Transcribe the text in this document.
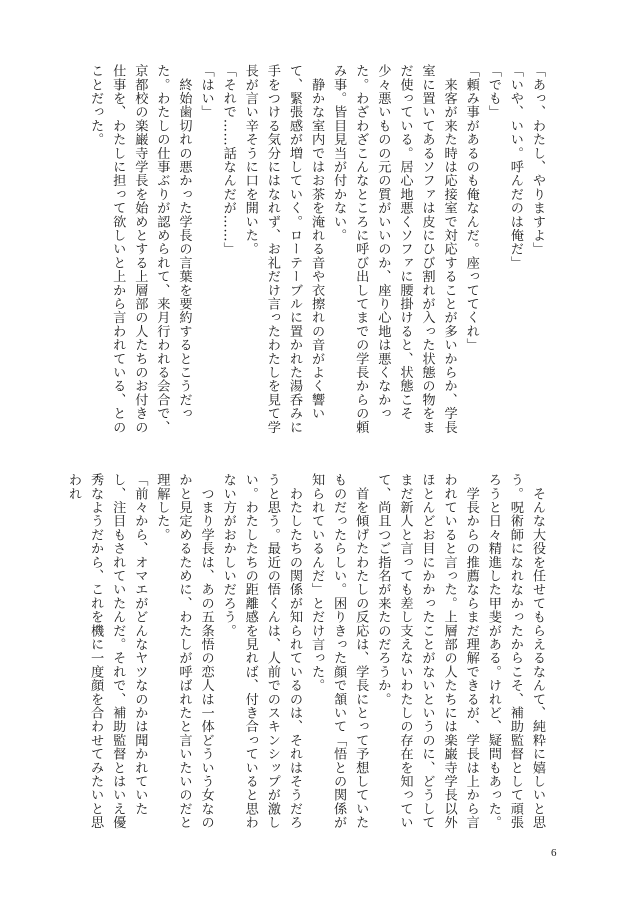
「あっ、わたし、やりますよ」

「いや、いい。呼んだのは俺だ」

「でも」

「頼み事があるのも俺なんだ。座っててくれ」

　来客が来た時は応接室で対応することが多いからか、学長室に置いてあるソファは皮にひび割れが入った状態の物をまだ使っている。居心地悪くソファに腰掛けると、状態こそ少々悪いものの元の質がいいのか、座り心地は悪くなかった。わざわざこんなところに呼び出してまでの学長からの頼み事。皆目見当が付かない。

　静かな室内ではお茶を淹れる音や衣擦れの音がよく響いて、緊張感が増していく。ローテーブルに置かれた湯呑みに手をつける気分にはなれず、お礼だけ言ったわたしを見て学長が言い辛そうに口を開いた。

「それで……話なんだが……」

「はい」

　終始歯切れの悪かった学長の言葉を要約するとこうだった。わたしの仕事ぶりが認められて、来月行われる会合で、京都校の楽巌寺学長を始めとする上層部の人たちのお付きの仕事を、わたしに担って欲しいと上から言われている、とのことだった。

　そんな大役を任せてもらえるなんて、純粋に嬉しいと思う。呪術師になれなかったからこそ、補助監督として頑張ろうと日々精進した甲斐がある。けれど、疑問もあった。

　学長からの推薦ならまだ理解できるが、学長は上から言われていると言った。上層部の人たちには楽巌寺学長以外ほとんどお目にかかったことがないというのに、どうしてまだ新人と言っても差し支えないわたしの存在を知っていて、尚且つご指名が来たのだろうか。

　首を傾げたわたしの反応は、学長にとって予想していたものだったらしい。困りきった顔で頷いて「悟との関係が知られているんだ」とだけ言った。

　わたしたちの関係が知られているのは、それはそうだろうと思う。最近の悟くんは、人前でのスキンシップが激しい。わたしたちの距離感を見れば、付き合っていると思わない方がおかしいだろう。

　つまり学長は、あの五条悟の恋人は一体どういう女なのかと見定めるために、わたしが呼ばれたと言いたいのだと理解した。

「前々から、オマエがどんなヤツなのかは聞かれていたし、注目もされていたんだ。それで、補助監督とはいえ優秀なようだから、これを機に一度顔を合わせてみたいと思われ

6
